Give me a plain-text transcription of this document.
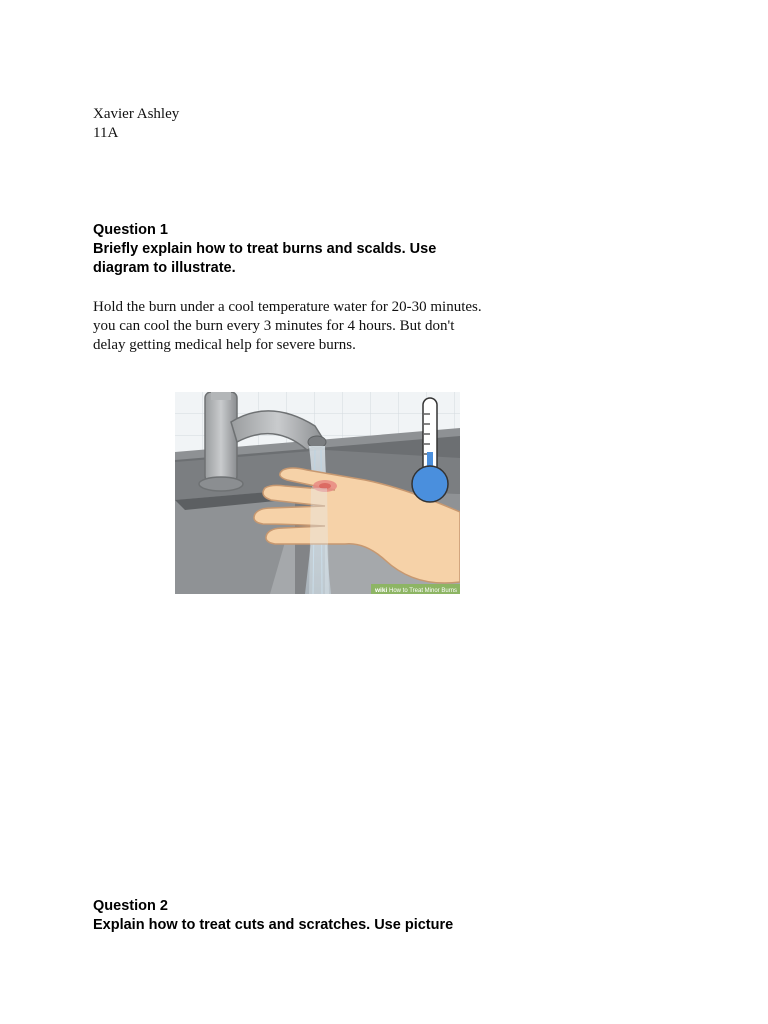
Xavier Ashley
11A
Question 1
Briefly explain how to treat burns and scalds. Use
diagram to illustrate.
Hold the burn under a cool temperature water for 20-30 minutes.
you can cool the burn every 3 minutes for 4 hours. But don't
delay getting medical help for severe burns.
wiki How to Treat Minor Burns
Question 2
Explain how to treat cuts and scratches. Use picture
